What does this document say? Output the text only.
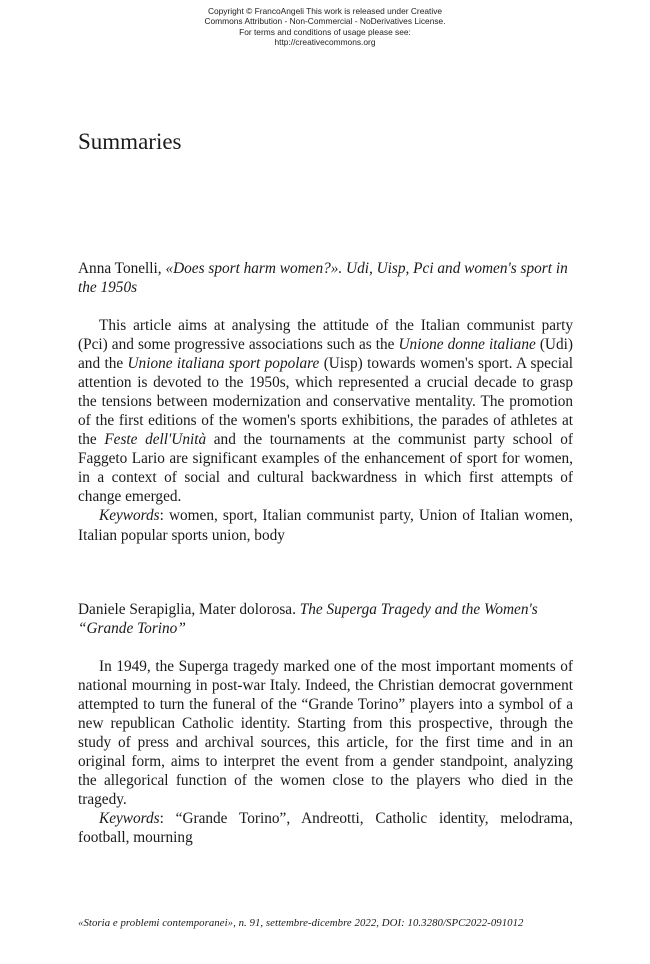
Copyright © FrancoAngeli This work is released under Creative
Commons Attribution - Non-Commercial - NoDerivatives License.
For terms and conditions of usage please see:
http://creativecommons.org
Summaries

Anna Tonelli, «Does sport harm women?». Udi, Uisp, Pci and women's sport in the 1950s

This article aims at analysing the attitude of the Italian communist party (Pci) and some progressive associations such as the Unione donne italiane (Udi) and the Unione italiana sport popolare (Uisp) towards women's sport. A special attention is devoted to the 1950s, which represented a crucial decade to grasp the tensions between modernization and conservative mentality. The promotion of the first editions of the women's sports exhibitions, the parades of athletes at the Feste dell'Unità and the tournaments at the communist party school of Faggeto Lario are significant examples of the enhancement of sport for women, in a context of social and cultural backwardness in which first attempts of change emerged.

Keywords: women, sport, Italian communist party, Union of Italian women, Italian popular sports union, body

Daniele Serapiglia, Mater dolorosa. The Superga Tragedy and the Women's “Grande Torino”

In 1949, the Superga tragedy marked one of the most important moments of national mourning in post-war Italy. Indeed, the Christian democrat government attempted to turn the funeral of the “Grande Torino” players into a symbol of a new republican Catholic identity. Starting from this prospective, through the study of press and archival sources, this article, for the first time and in an original form, aims to interpret the event from a gender standpoint, analyzing the allegorical function of the women close to the players who died in the tragedy.

Keywords: “Grande Torino”, Andreotti, Catholic identity, melodrama, football, mourning

«Storia e problemi contemporanei», n. 91, settembre-dicembre 2022, DOI: 10.3280/SPC2022-091012
